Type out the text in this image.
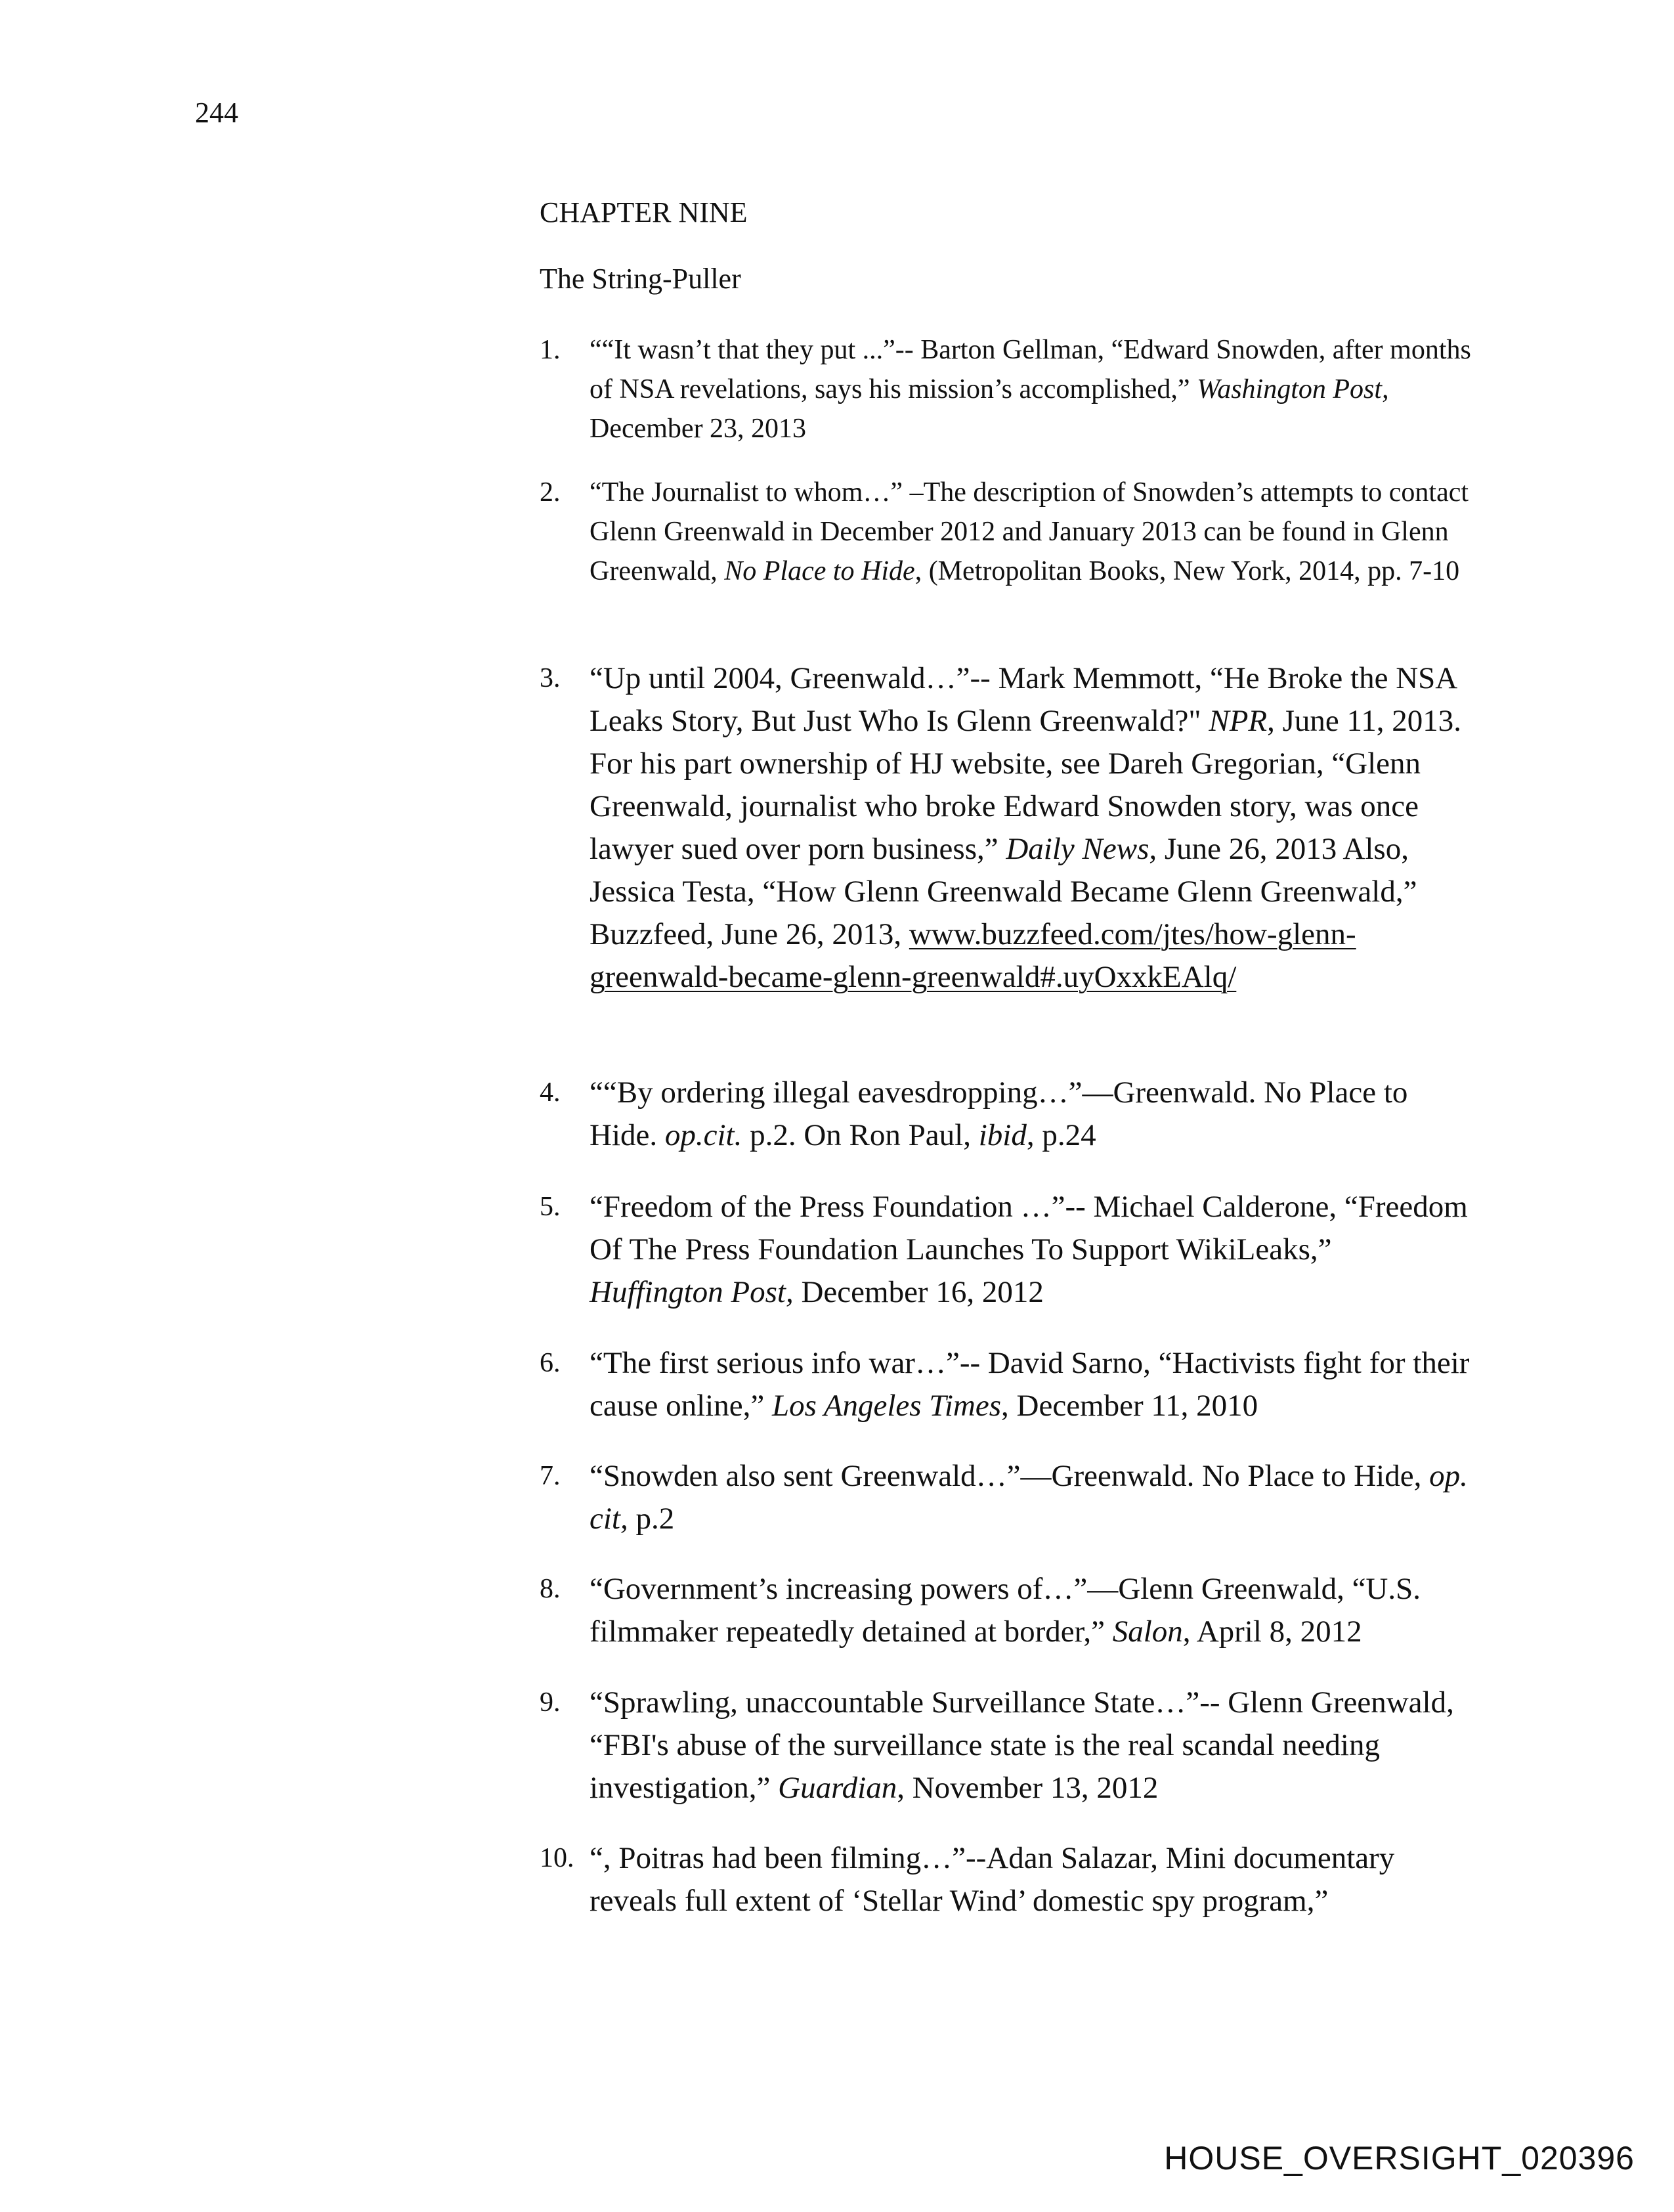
244
CHAPTER NINE
The String-Puller
1.	““It wasn’t that they put ...”-- Barton Gellman, “Edward Snowden, after months of NSA revelations, says his mission’s accomplished,” Washington Post, December 23, 2013
2.	“The Journalist to whom…” –The description of Snowden’s attempts to contact Glenn Greenwald in December 2012 and January 2013 can be found in Glenn Greenwald, No Place to Hide, (Metropolitan Books, New York, 2014, pp. 7-10
3. “Up until 2004, Greenwald…”-- Mark Memmott, “He Broke the NSA Leaks Story, But Just Who Is Glenn Greenwald?" NPR, June 11, 2013. For his part ownership of HJ website, see Dareh Gregorian, “Glenn Greenwald, journalist who broke Edward Snowden story, was once lawyer sued over porn business,” Daily News, June 26, 2013 Also, Jessica Testa, “How Glenn Greenwald Became Glenn Greenwald,” Buzzfeed, June 26, 2013, www.buzzfeed.com/jtes/how-glenn-greenwald-became-glenn-greenwald#.uyOxxkEAlq/
4. ““By ordering illegal eavesdropping…”—Greenwald. No Place to Hide. op.cit. p.2. On Ron Paul, ibid, p.24
5. “Freedom of the Press Foundation …”-- Michael Calderone, “Freedom Of The Press Foundation Launches To Support WikiLeaks,” Huffington Post, December 16, 2012
6. “The first serious info war…”-- David Sarno, “Hactivists fight for their cause online,” Los Angeles Times, December 11, 2010
7. “Snowden also sent Greenwald…”—Greenwald. No Place to Hide, op. cit, p.2
8. “Government’s increasing powers of…”—Glenn Greenwald, “U.S. filmmaker repeatedly detained at border,” Salon, April 8, 2012
9. “Sprawling, unaccountable Surveillance State…”-- Glenn Greenwald, “FBI's abuse of the surveillance state is the real scandal needing investigation,” Guardian, November 13, 2012
10. “, Poitras had been filming…”--Adan Salazar, Mini documentary reveals full extent of ‘Stellar Wind’ domestic spy program,”
HOUSE_OVERSIGHT_020396
